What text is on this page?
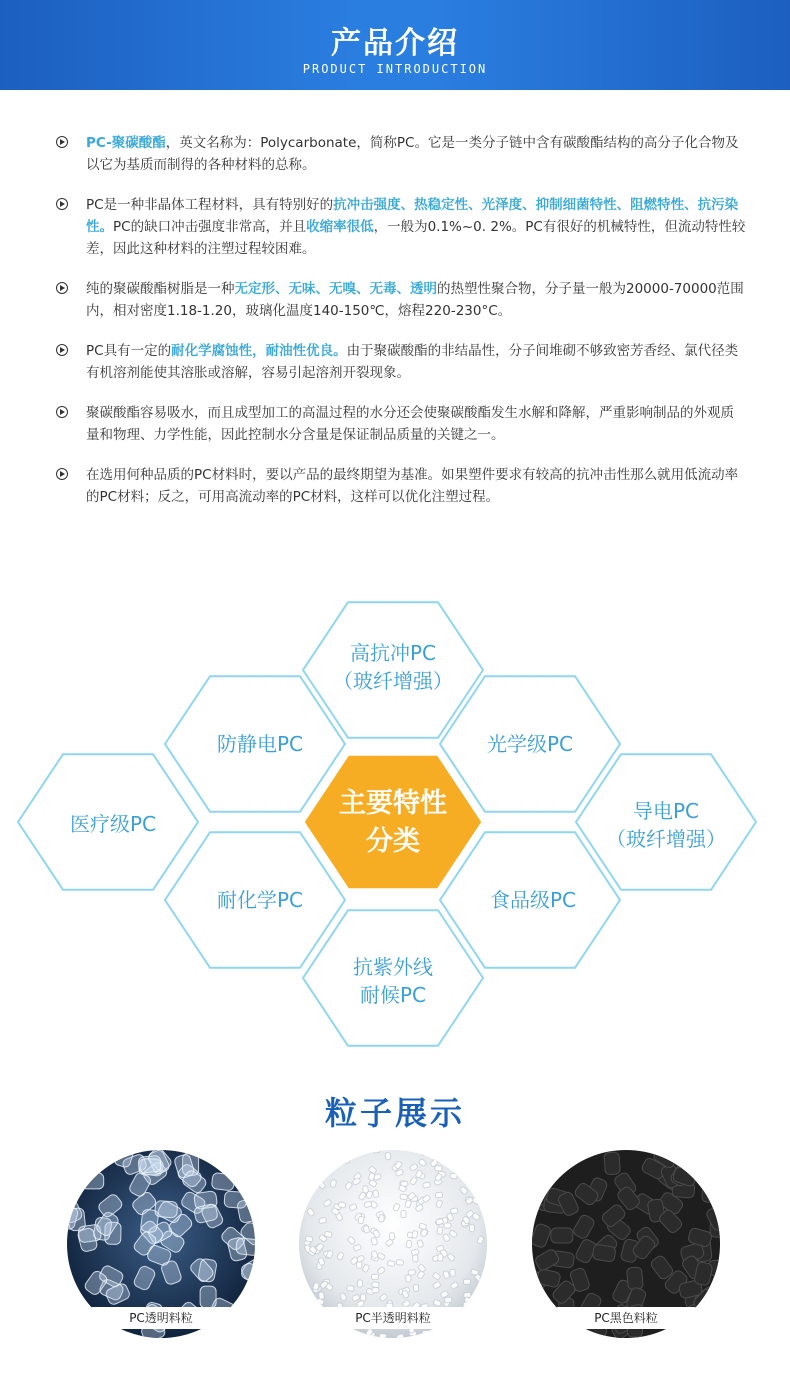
产品介绍
PRODUCT INTRODUCTION
PC-聚碳酸酯，英文名称为：Polycarbonate，简称PC。它是一类分子链中含有碳酸酯结构的高分子化合物及以它为基质而制得的各种材料的总称。
PC是一种非晶体工程材料，具有特别好的抗冲击强度、热稳定性、光泽度、抑制细菌特性、阻燃特性、抗污染性。PC的缺口冲击强度非常高，并且收缩率很低，一般为0.1%~0. 2%。PC有很好的机械特性，但流动特性较差，因此这种材料的注塑过程较困难。
纯的聚碳酸酯树脂是一种无定形、无味、无嗅、无毒、透明的热塑性聚合物，分子量一般为20000-70000范围内，相对密度1.18-1.20，玻璃化温度140-150℃，熔程220-230°C。
PC具有一定的耐化学腐蚀性，耐油性优良。由于聚碳酸酯的非结晶性，分子间堆砌不够致密芳香经、氯代径类有机溶剂能使其溶胀或溶解，容易引起溶剂开裂现象。
聚碳酸酯容易吸水，而且成型加工的高温过程的水分还会使聚碳酸酯发生水解和降解，严重影响制品的外观质量和物理、力学性能，因此控制水分含量是保证制品质量的关键之一。
在选用何种品质的PC材料时，要以产品的最终期望为基准。如果塑件要求有较高的抗冲击性那么就用低流动率的PC材料；反之，可用高流动率的PC材料，这样可以优化注塑过程。
高抗冲PC
（玻纤增强）
防静电PC	光学级PC
医疗级PC
导电PC
（玻纤增强）
主要特性
分类
耐化学PC	食品级PC
抗紫外线
耐候PC
粒子展示
PC透明料粒	PC半透明料粒	PC黑色料粒
